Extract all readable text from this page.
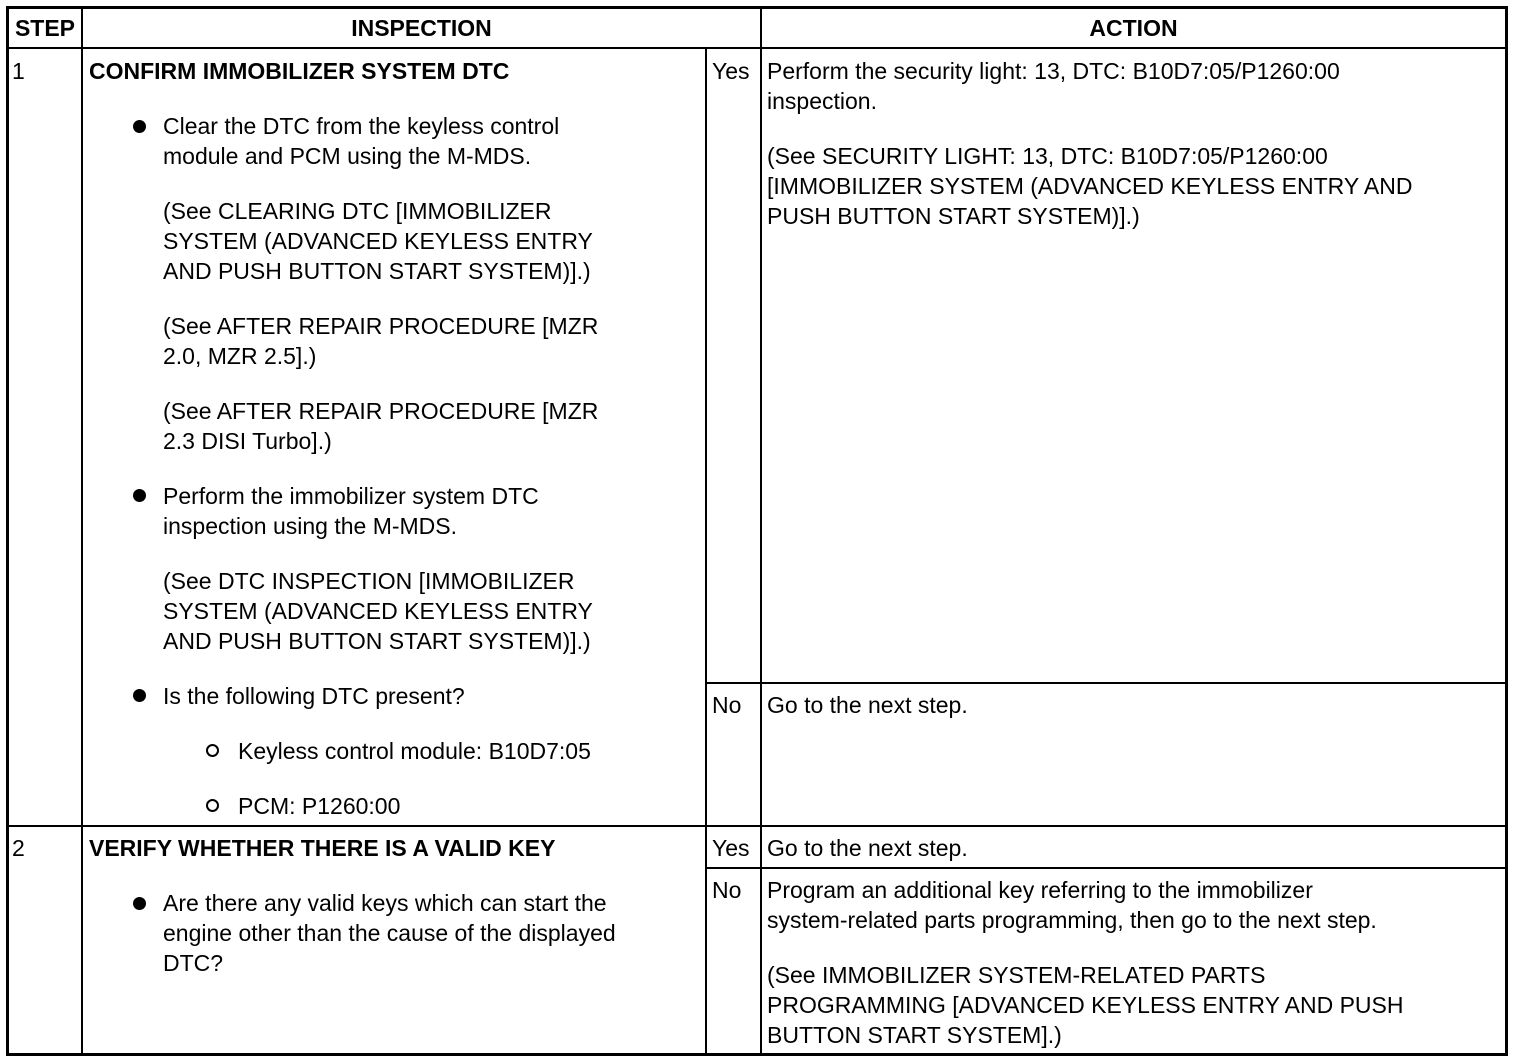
STEP	INSPECTION	ACTION
1	CONFIRM IMMOBILIZER SYSTEM DTC
Clear the DTC from the keyless control
module and PCM using the M-MDS.
(See CLEARING DTC [IMMOBILIZER
SYSTEM (ADVANCED KEYLESS ENTRY
AND PUSH BUTTON START SYSTEM)].)
(See AFTER REPAIR PROCEDURE [MZR
2.0, MZR 2.5].)
(See AFTER REPAIR PROCEDURE [MZR
2.3 DISI Turbo].)
Perform the immobilizer system DTC
inspection using the M-MDS.
(See DTC INSPECTION [IMMOBILIZER
SYSTEM (ADVANCED KEYLESS ENTRY
AND PUSH BUTTON START SYSTEM)].)
Is the following DTC present?
Keyless control module: B10D7:05
PCM: P1260:00
Yes Perform the security light: 13, DTC: B10D7:05/P1260:00
inspection.
(See SECURITY LIGHT: 13, DTC: B10D7:05/P1260:00
[IMMOBILIZER SYSTEM (ADVANCED KEYLESS ENTRY AND
PUSH BUTTON START SYSTEM)].)
No Go to the next step.
2	VERIFY WHETHER THERE IS A VALID KEY
Are there any valid keys which can start the
engine other than the cause of the displayed
DTC?
Yes Go to the next step.
No Program an additional key referring to the immobilizer
system-related parts programming, then go to the next step.
(See IMMOBILIZER SYSTEM-RELATED PARTS
PROGRAMMING [ADVANCED KEYLESS ENTRY AND PUSH
BUTTON START SYSTEM].)
